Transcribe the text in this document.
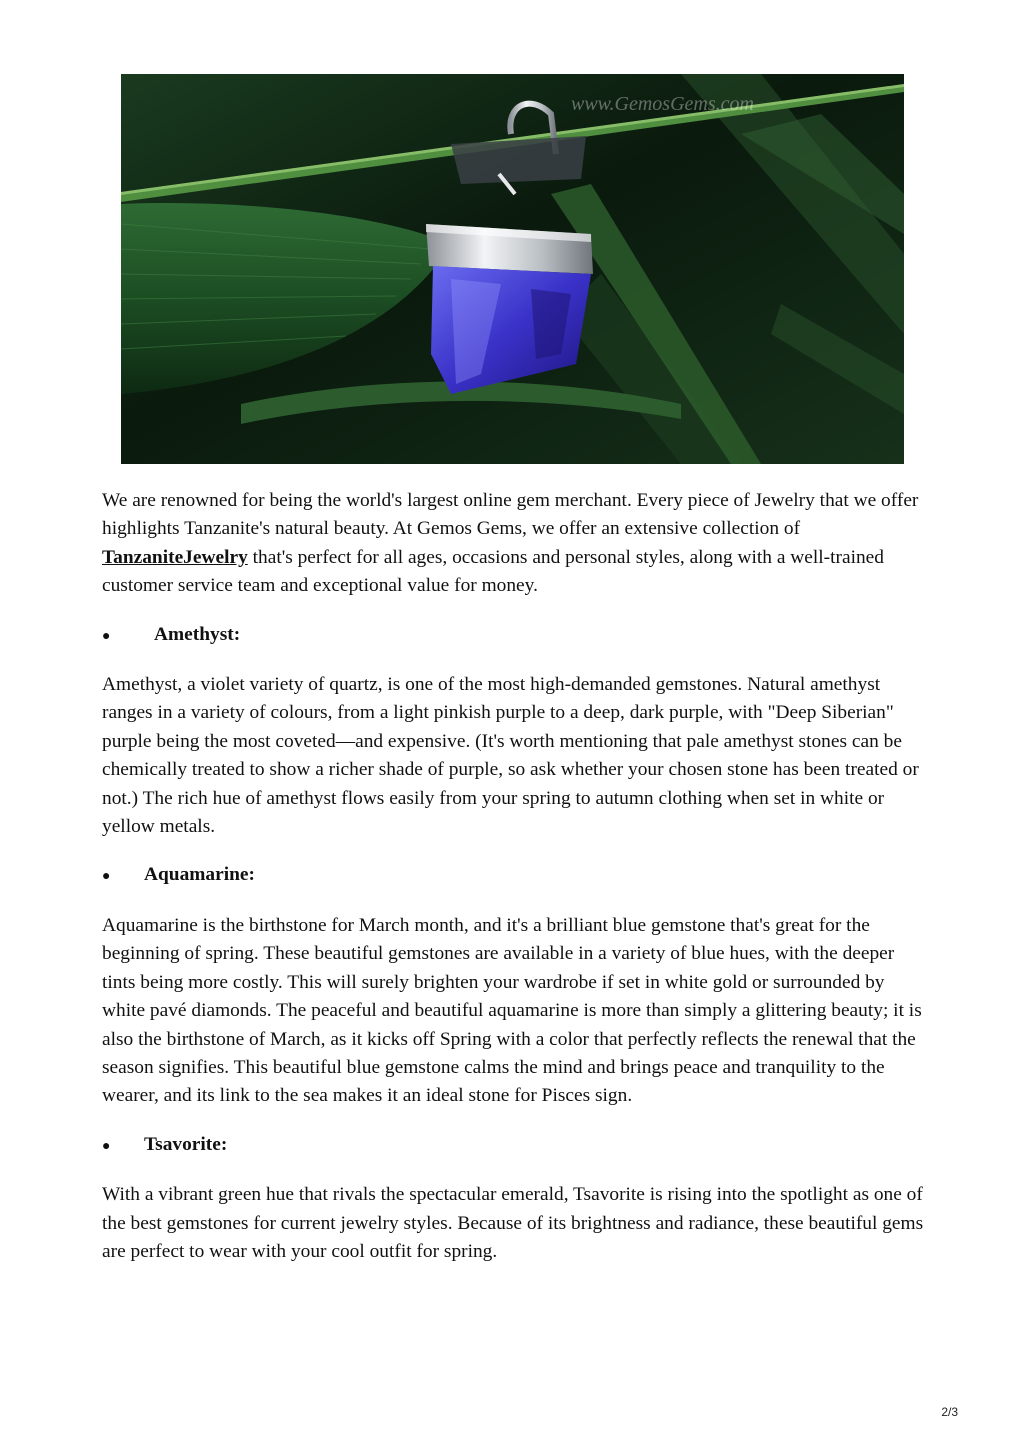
www.GemosGems.com

We are renowned for being the world's largest online gem merchant. Every piece of Jewelry that we offer highlights Tanzanite's natural beauty. At Gemos Gems, we offer an extensive collection of TanzaniteJewelry that's perfect for all ages, occasions and personal styles, along with a well-trained customer service team and exceptional value for money.

●	Amethyst:

Amethyst, a violet variety of quartz, is one of the most high-demanded gemstones. Natural amethyst ranges in a variety of colours, from a light pinkish purple to a deep, dark purple, with "Deep Siberian" purple being the most coveted—and expensive. (It's worth mentioning that pale amethyst stones can be chemically treated to show a richer shade of purple, so ask whether your chosen stone has been treated or not.) The rich hue of amethyst flows easily from your spring to autumn clothing when set in white or yellow metals.

●	Aquamarine:

Aquamarine is the birthstone for March month, and it's a brilliant blue gemstone that's great for the beginning of spring. These beautiful gemstones are available in a variety of blue hues, with the deeper tints being more costly. This will surely brighten your wardrobe if set in white gold or surrounded by white pavé diamonds. The peaceful and beautiful aquamarine is more than simply a glittering beauty; it is also the birthstone of March, as it kicks off Spring with a color that perfectly reflects the renewal that the season signifies. This beautiful blue gemstone calms the mind and brings peace and tranquility to the wearer, and its link to the sea makes it an ideal stone for Pisces sign.

●	Tsavorite:

With a vibrant green hue that rivals the spectacular emerald, Tsavorite is rising into the spotlight as one of the best gemstones for current jewelry styles. Because of its brightness and radiance, these beautiful gems are perfect to wear with your cool outfit for spring.

2/3
